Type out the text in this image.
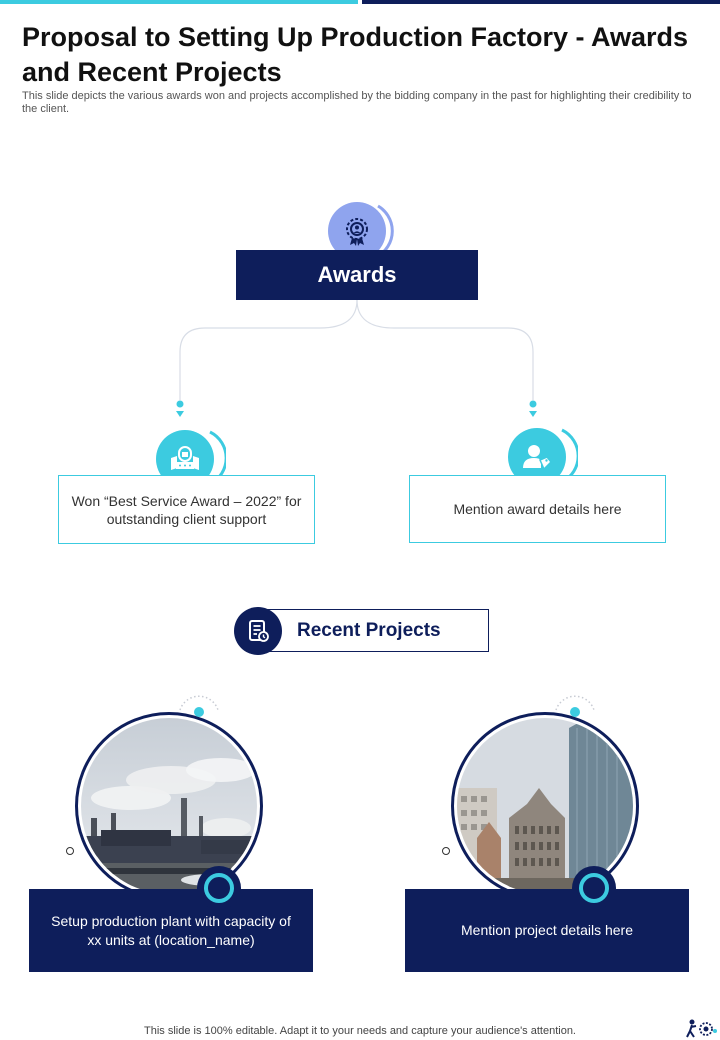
Proposal to Setting Up Production Factory - Awards and Recent Projects

This slide depicts the various awards won and projects accomplished by the bidding company in the past for highlighting their credibility to the client.

Awards
Won “Best Service Award – 2022” for outstanding client support
Mention award details here
Recent Projects
Setup production plant with capacity of xx units at (location_name)
Mention project details here
This slide is 100% editable. Adapt it to your needs and capture your audience's attention.
